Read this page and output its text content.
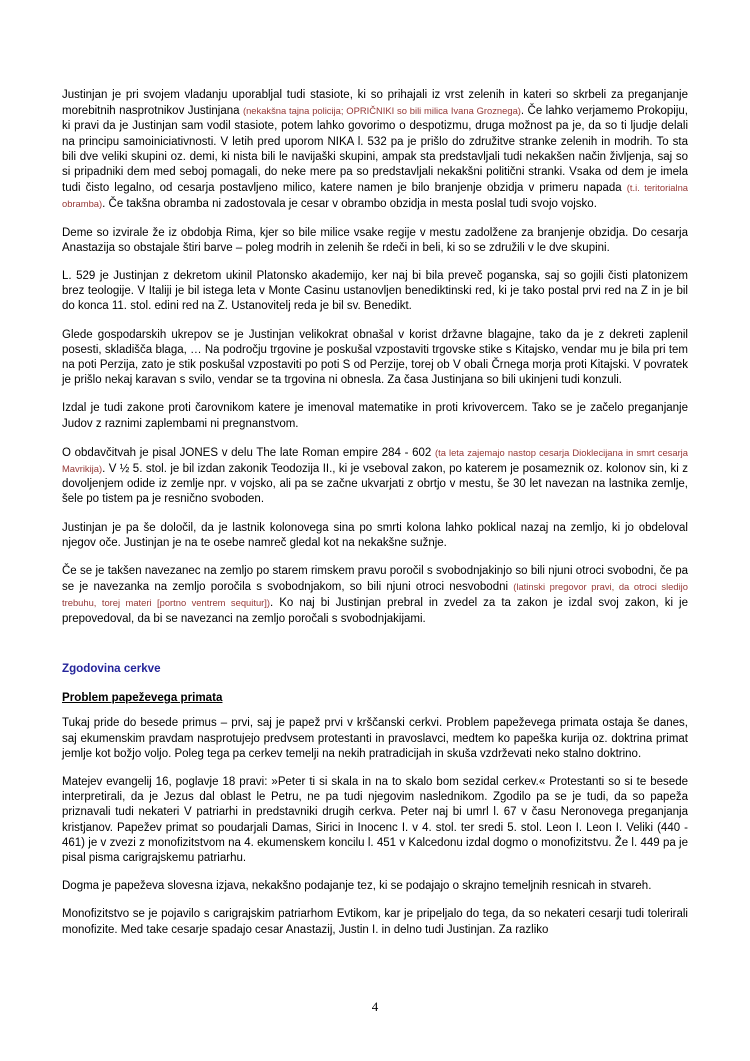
Justinjan je pri svojem vladanju uporabljal tudi stasiote, ki so prihajali iz vrst zelenih in kateri so skrbeli za preganjanje morebitnih nasprotnikov Justinjana (nekakšna tajna policija; OPRIČNIKI so bili milica Ivana Groznega). Če lahko verjamemo Prokopiju, ki pravi da je Justinjan sam vodil stasiote, potem lahko govorimo o despotizmu, druga možnost pa je, da so ti ljudje delali na principu samoiniciativnosti. V letih pred uporom NIKA l. 532 pa je prišlo do združitve stranke zelenih in modrih. To sta bili dve veliki skupini oz. demi, ki nista bili le navijaški skupini, ampak sta predstavljali tudi nekakšen način življenja, saj so si pripadniki dem med seboj pomagali, do neke mere pa so predstavljali nekakšni politični stranki. Vsaka od dem je imela tudi čisto legalno, od cesarja postavljeno milico, katere namen je bilo branjenje obzidja v primeru napada (t.i. teritorialna obramba). Če takšna obramba ni zadostovala je cesar v obrambo obzidja in mesta poslal tudi svojo vojsko.
Deme so izvirale že iz obdobja Rima, kjer so bile milice vsake regije v mestu zadolžene za branjenje obzidja. Do cesarja Anastazija so obstajale štiri barve – poleg modrih in zelenih še rdeči in beli, ki so se združili v le dve skupini.
L. 529 je Justinjan z dekretom ukinil Platonsko akademijo, ker naj bi bila preveč poganska, saj so gojili čisti platonizem brez teologije. V Italiji je bil istega leta v Monte Casinu ustanovljen benediktinski red, ki je tako postal prvi red na Z in je bil do konca 11. stol. edini red na Z. Ustanovitelj reda je bil sv. Benedikt.
Glede gospodarskih ukrepov se je Justinjan velikokrat obnašal v korist državne blagajne, tako da je z dekreti zaplenil posesti, skladišča blaga, … Na področju trgovine je poskušal vzpostaviti trgovske stike s Kitajsko, vendar mu je bila pri tem na poti Perzija, zato je stik poskušal vzpostaviti po poti S od Perzije, torej ob V obali Črnega morja proti Kitajski. V povratek je prišlo nekaj karavan s svilo, vendar se ta trgovina ni obnesla. Za časa Justinjana so bili ukinjeni tudi konzuli.
Izdal je tudi zakone proti čarovnikom katere je imenoval matematike in proti krivovercem. Tako se je začelo preganjanje Judov z raznimi zaplembami ni pregnanstvom.
O obdavčitvah je pisal JONES v delu The late Roman empire 284 - 602 (ta leta zajemajo nastop cesarja Dioklecijana in smrt cesarja Mavrikija). V ½ 5. stol. je bil izdan zakonik Teodozija II., ki je vseboval zakon, po katerem je posameznik oz. kolonov sin, ki z dovoljenjem odide iz zemlje npr. v vojsko, ali pa se začne ukvarjati z obrtjo v mestu, še 30 let navezan na lastnika zemlje, šele po tistem pa je resnično svoboden.
Justinjan je pa še določil, da je lastnik kolonovega sina po smrti kolona lahko poklical nazaj na zemljo, ki jo obdeloval njegov oče. Justinjan je na te osebe namreč gledal kot na nekakšne sužnje.
Če se je takšen navezanec na zemljo po starem rimskem pravu poročil s svobodnjakinjo so bili njuni otroci svobodni, če pa se je navezanka na zemljo poročila s svobodnjakom, so bili njuni otroci nesvobodni (latinski pregovor pravi, da otroci sledijo trebuhu, torej materi [portno ventrem sequitur]). Ko naj bi Justinjan prebral in zvedel za ta zakon je izdal svoj zakon, ki je prepovedoval, da bi se navezanci na zemljo poročali s svobodnjakijami.
Zgodovina cerkve
Problem papeževega primata
Tukaj pride do besede primus – prvi, saj je papež prvi v krščanski cerkvi. Problem papeževega primata ostaja še danes, saj ekumenskim pravdam nasprotujejo predvsem protestanti in pravoslavci, medtem ko papeška kurija oz. doktrina primat jemlje kot božjo voljo. Poleg tega pa cerkev temelji na nekih pratradicijah in skuša vzdrževati neko stalno doktrino.
Matejev evangelij 16, poglavje 18 pravi: »Peter ti si skala in na to skalo bom sezidal cerkev.« Protestanti so si te besede interpretirali, da je Jezus dal oblast le Petru, ne pa tudi njegovim naslednikom. Zgodilo pa se je tudi, da so papeža priznavali tudi nekateri V patriarhi in predstavniki drugih cerkva. Peter naj bi umrl l. 67 v času Neronovega preganjanja kristjanov. Papežev primat so poudarjali Damas, Sirici in Inocenc I. v 4. stol. ter sredi 5. stol. Leon I. Leon I. Veliki (440 - 461) je v zvezi z monofizitstvom na 4. ekumenskem koncilu l. 451 v Kalcedonu izdal dogmo o monofizitstvu. Že l. 449 pa je pisal pisma carigrajskemu patriarhu.
Dogma je papeževa slovesna izjava, nekakšno podajanje tez, ki se podajajo o skrajno temeljnih resnicah in stvareh.
Monofizitstvo se je pojavilo s carigrajskim patriarhom Evtikom, kar je pripeljalo do tega, da so nekateri cesarji tudi tolerirali monofizite. Med take cesarje spadajo cesar Anastazij, Justin I. in delno tudi Justinjan. Za razliko
4
